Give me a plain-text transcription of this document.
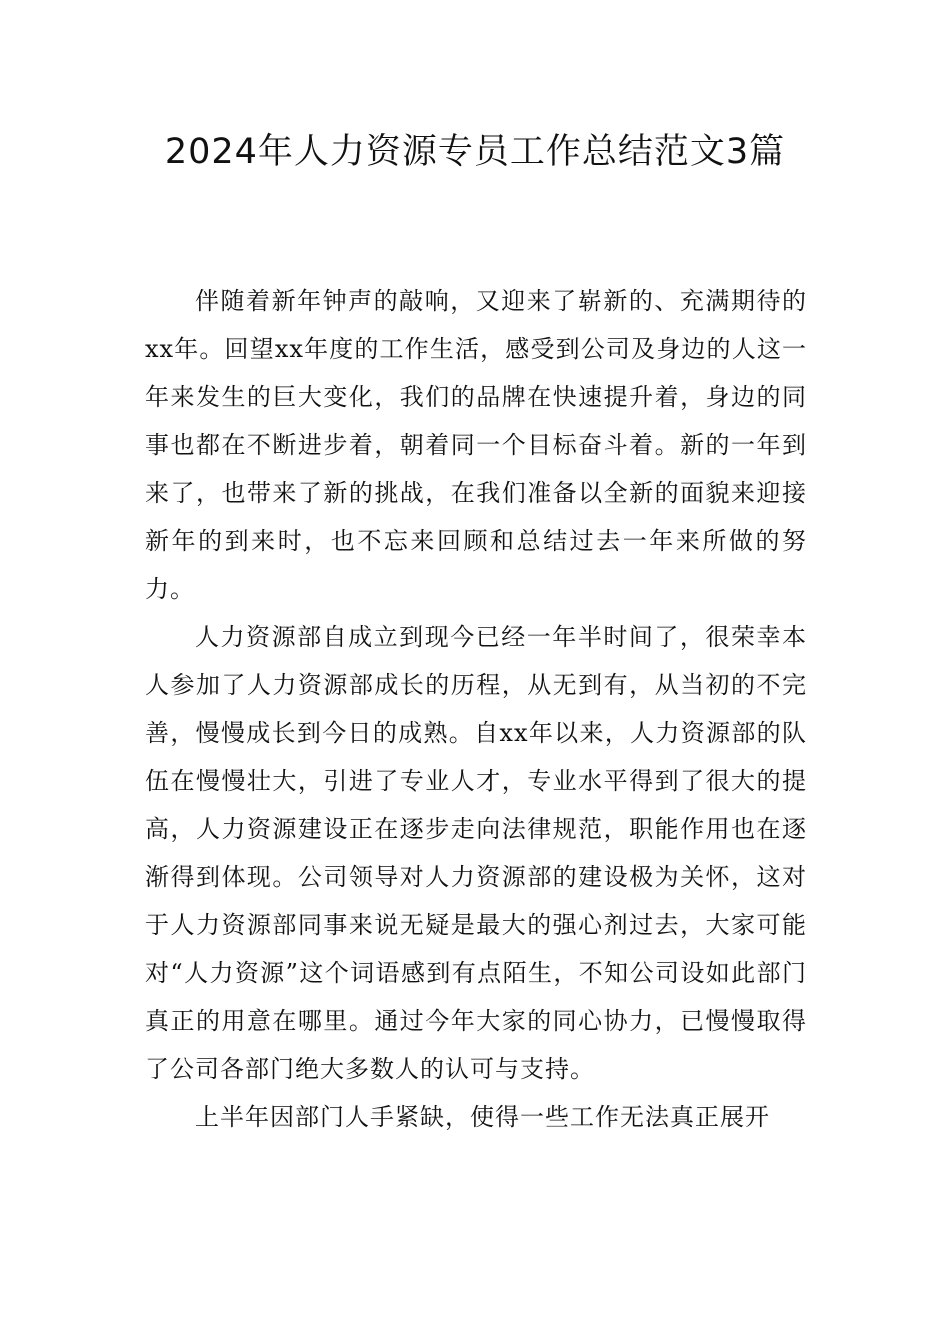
2024年人力资源专员工作总结范文3篇

伴随着新年钟声的敲响，又迎来了崭新的、充满期待的xx年。回望xx年度的工作生活，感受到公司及身边的人这一年来发生的巨大变化，我们的品牌在快速提升着，身边的同事也都在不断进步着，朝着同一个目标奋斗着。新的一年到来了，也带来了新的挑战，在我们准备以全新的面貌来迎接新年的到来时，也不忘来回顾和总结过去一年来所做的努力。

人力资源部自成立到现今已经一年半时间了，很荣幸本人参加了人力资源部成长的历程，从无到有，从当初的不完善，慢慢成长到今日的成熟。自xx年以来，人力资源部的队伍在慢慢壮大，引进了专业人才，专业水平得到了很大的提高，人力资源建设正在逐步走向法律规范，职能作用也在逐渐得到体现。公司领导对人力资源部的建设极为关怀，这对于人力资源部同事来说无疑是最大的强心剂过去，大家可能对“人力资源”这个词语感到有点陌生，不知公司设如此部门真正的用意在哪里。通过今年大家的同心协力，已慢慢取得了公司各部门绝大多数人的认可与支持。

上半年因部门人手紧缺，使得一些工作无法真正展开
